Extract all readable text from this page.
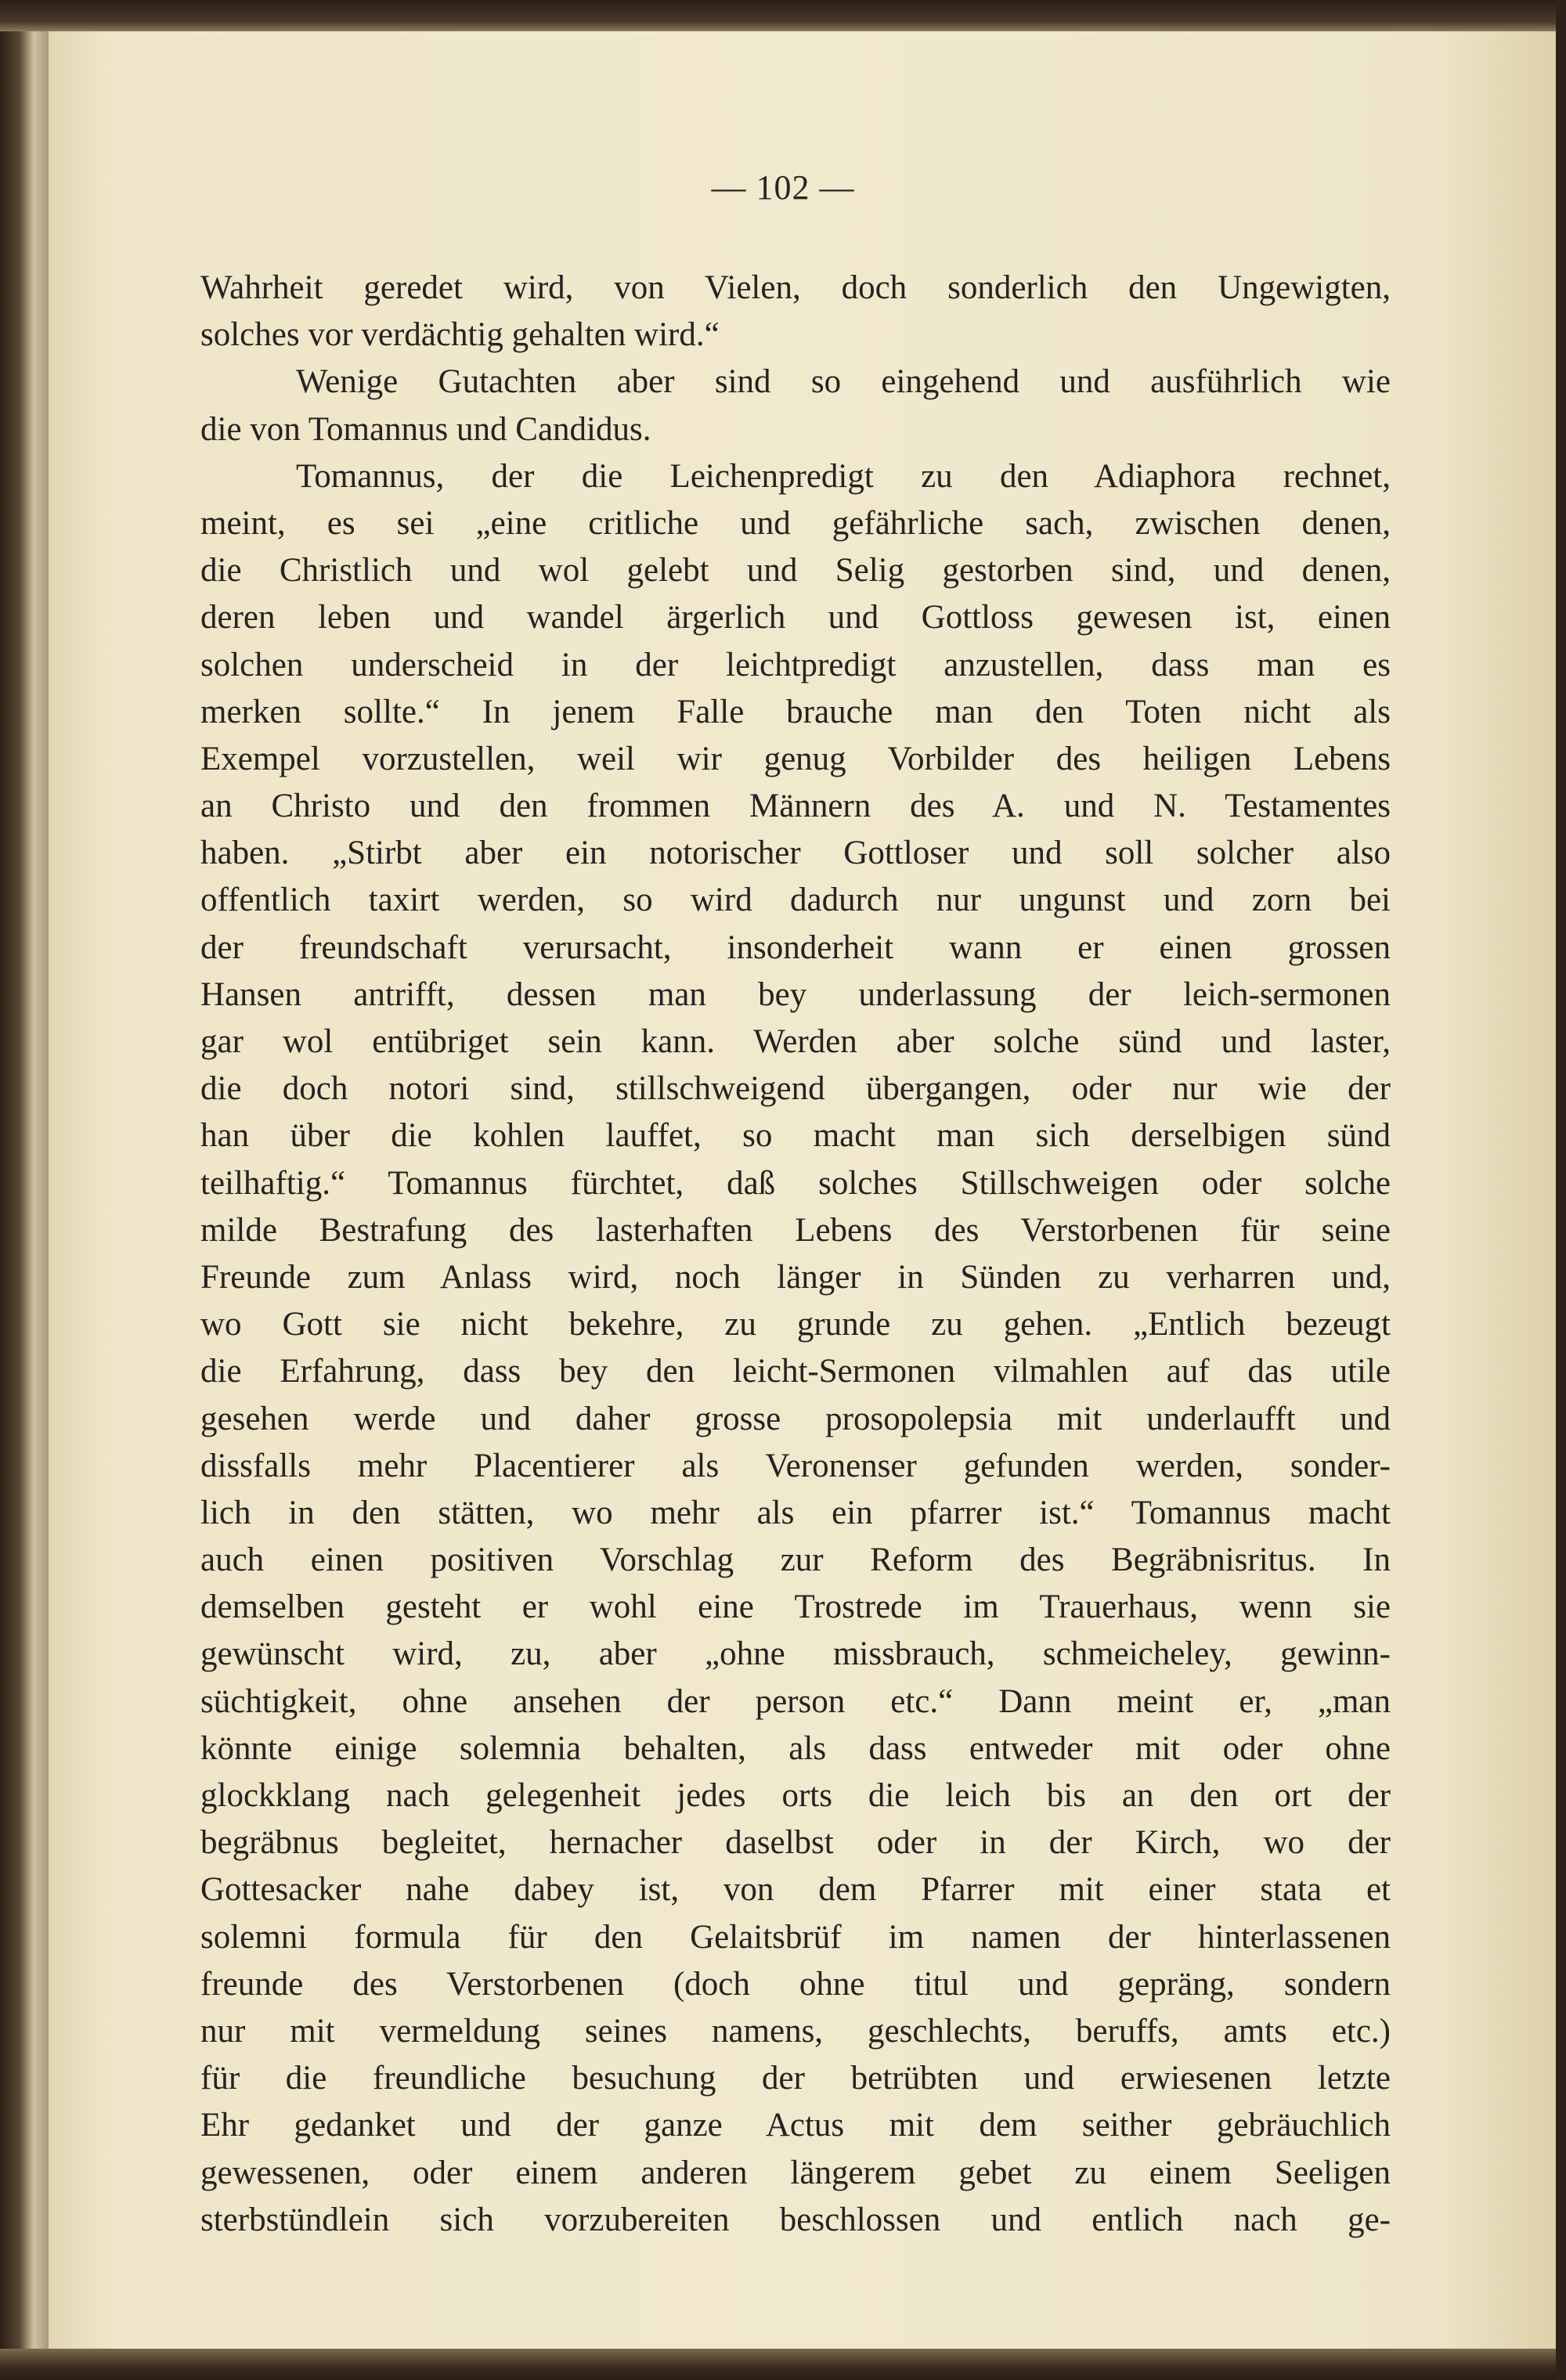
— 102 —
Wahrheit geredet wird, von Vielen, doch sonderlich den Ungewigten,
solches vor verdächtig gehalten wird.“
Wenige Gutachten aber sind so eingehend und ausführlich wie
die von Tomannus und Candidus.
Tomannus, der die Leichenpredigt zu den Adiaphora rechnet,
meint, es sei „eine critliche und gefährliche sach, zwischen denen,
die Christlich und wol gelebt und Selig gestorben sind, und denen,
deren leben und wandel ärgerlich und Gottloss gewesen ist, einen
solchen underscheid in der leichtpredigt anzustellen, dass man es
merken sollte.“ In jenem Falle brauche man den Toten nicht als
Exempel vorzustellen, weil wir genug Vorbilder des heiligen Lebens
an Christo und den frommen Männern des A. und N. Testamentes
haben. „Stirbt aber ein notorischer Gottloser und soll solcher also
offentlich taxirt werden, so wird dadurch nur ungunst und zorn bei
der freundschaft verursacht, insonderheit wann er einen grossen
Hansen antrifft, dessen man bey underlassung der leich-sermonen
gar wol entübriget sein kann. Werden aber solche sünd und laster,
die doch notori sind, stillschweigend übergangen, oder nur wie der
han über die kohlen lauffet, so macht man sich derselbigen sünd
teilhaftig.“ Tomannus fürchtet, daß solches Stillschweigen oder solche
milde Bestrafung des lasterhaften Lebens des Verstorbenen für seine
Freunde zum Anlass wird, noch länger in Sünden zu verharren und,
wo Gott sie nicht bekehre, zu grunde zu gehen. „Entlich bezeugt
die Erfahrung, dass bey den leicht-Sermonen vilmahlen auf das utile
gesehen werde und daher grosse prosopolepsia mit underlaufft und
dissfalls mehr Placentierer als Veronenser gefunden werden, sonder-
lich in den stätten, wo mehr als ein pfarrer ist.“ Tomannus macht
auch einen positiven Vorschlag zur Reform des Begräbnisritus. In
demselben gesteht er wohl eine Trostrede im Trauerhaus, wenn sie
gewünscht wird, zu, aber „ohne missbrauch, schmeicheley, gewinn-
süchtigkeit, ohne ansehen der person etc.“ Dann meint er, „man
könnte einige solemnia behalten, als dass entweder mit oder ohne
glockklang nach gelegenheit jedes orts die leich bis an den ort der
begräbnus begleitet, hernacher daselbst oder in der Kirch, wo der
Gottesacker nahe dabey ist, von dem Pfarrer mit einer stata et
solemni formula für den Gelaitsbrüf im namen der hinterlassenen
freunde des Verstorbenen (doch ohne titul und gepräng, sondern
nur mit vermeldung seines namens, geschlechts, beruffs, amts etc.)
für die freundliche besuchung der betrübten und erwiesenen letzte
Ehr gedanket und der ganze Actus mit dem seither gebräuchlich
gewessenen, oder einem anderen längerem gebet zu einem Seeligen
sterbstündlein sich vorzubereiten beschlossen und entlich nach ge-
